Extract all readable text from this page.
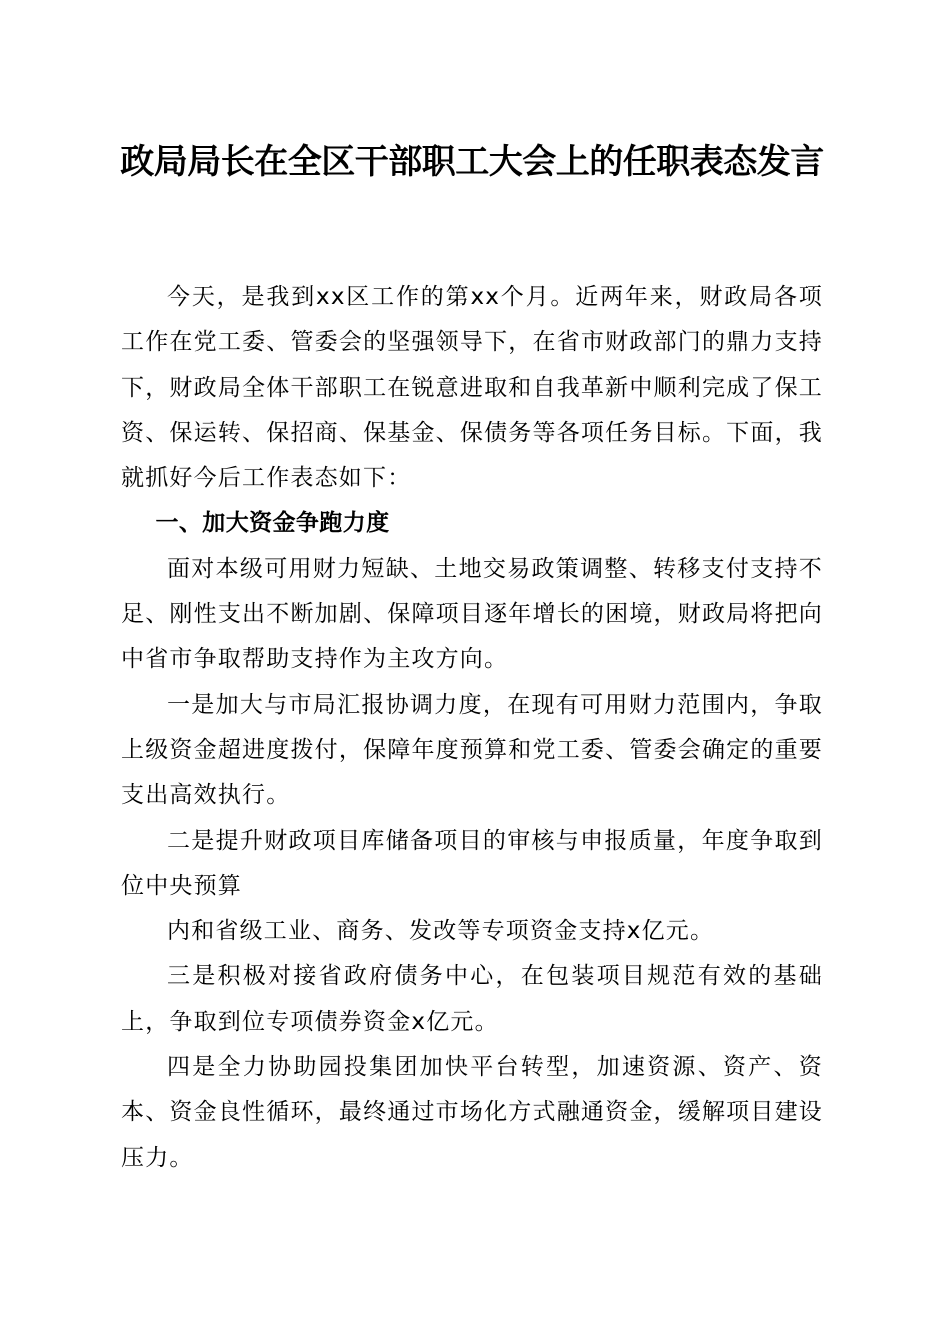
政局局长在全区干部职工大会上的任职表态发言

今天，是我到xx区工作的第xx个月。近两年来，财政局各项工作在党工委、管委会的坚强领导下，在省市财政部门的鼎力支持下，财政局全体干部职工在锐意进取和自我革新中顺利完成了保工资、保运转、保招商、保基金、保债务等各项任务目标。下面，我就抓好今后工作表态如下：

一、加大资金争跑力度

面对本级可用财力短缺、土地交易政策调整、转移支付支持不足、刚性支出不断加剧、保障项目逐年增长的困境，财政局将把向中省市争取帮助支持作为主攻方向。

一是加大与市局汇报协调力度，在现有可用财力范围内，争取上级资金超进度拨付，保障年度预算和党工委、管委会确定的重要支出高效执行。

二是提升财政项目库储备项目的审核与申报质量，年度争取到位中央预算

内和省级工业、商务、发改等专项资金支持x亿元。

三是积极对接省政府债务中心，在包装项目规范有效的基础上，争取到位专项债券资金x亿元。

四是全力协助园投集团加快平台转型，加速资源、资产、资本、资金良性循环，最终通过市场化方式融通资金，缓解项目建设压力。
